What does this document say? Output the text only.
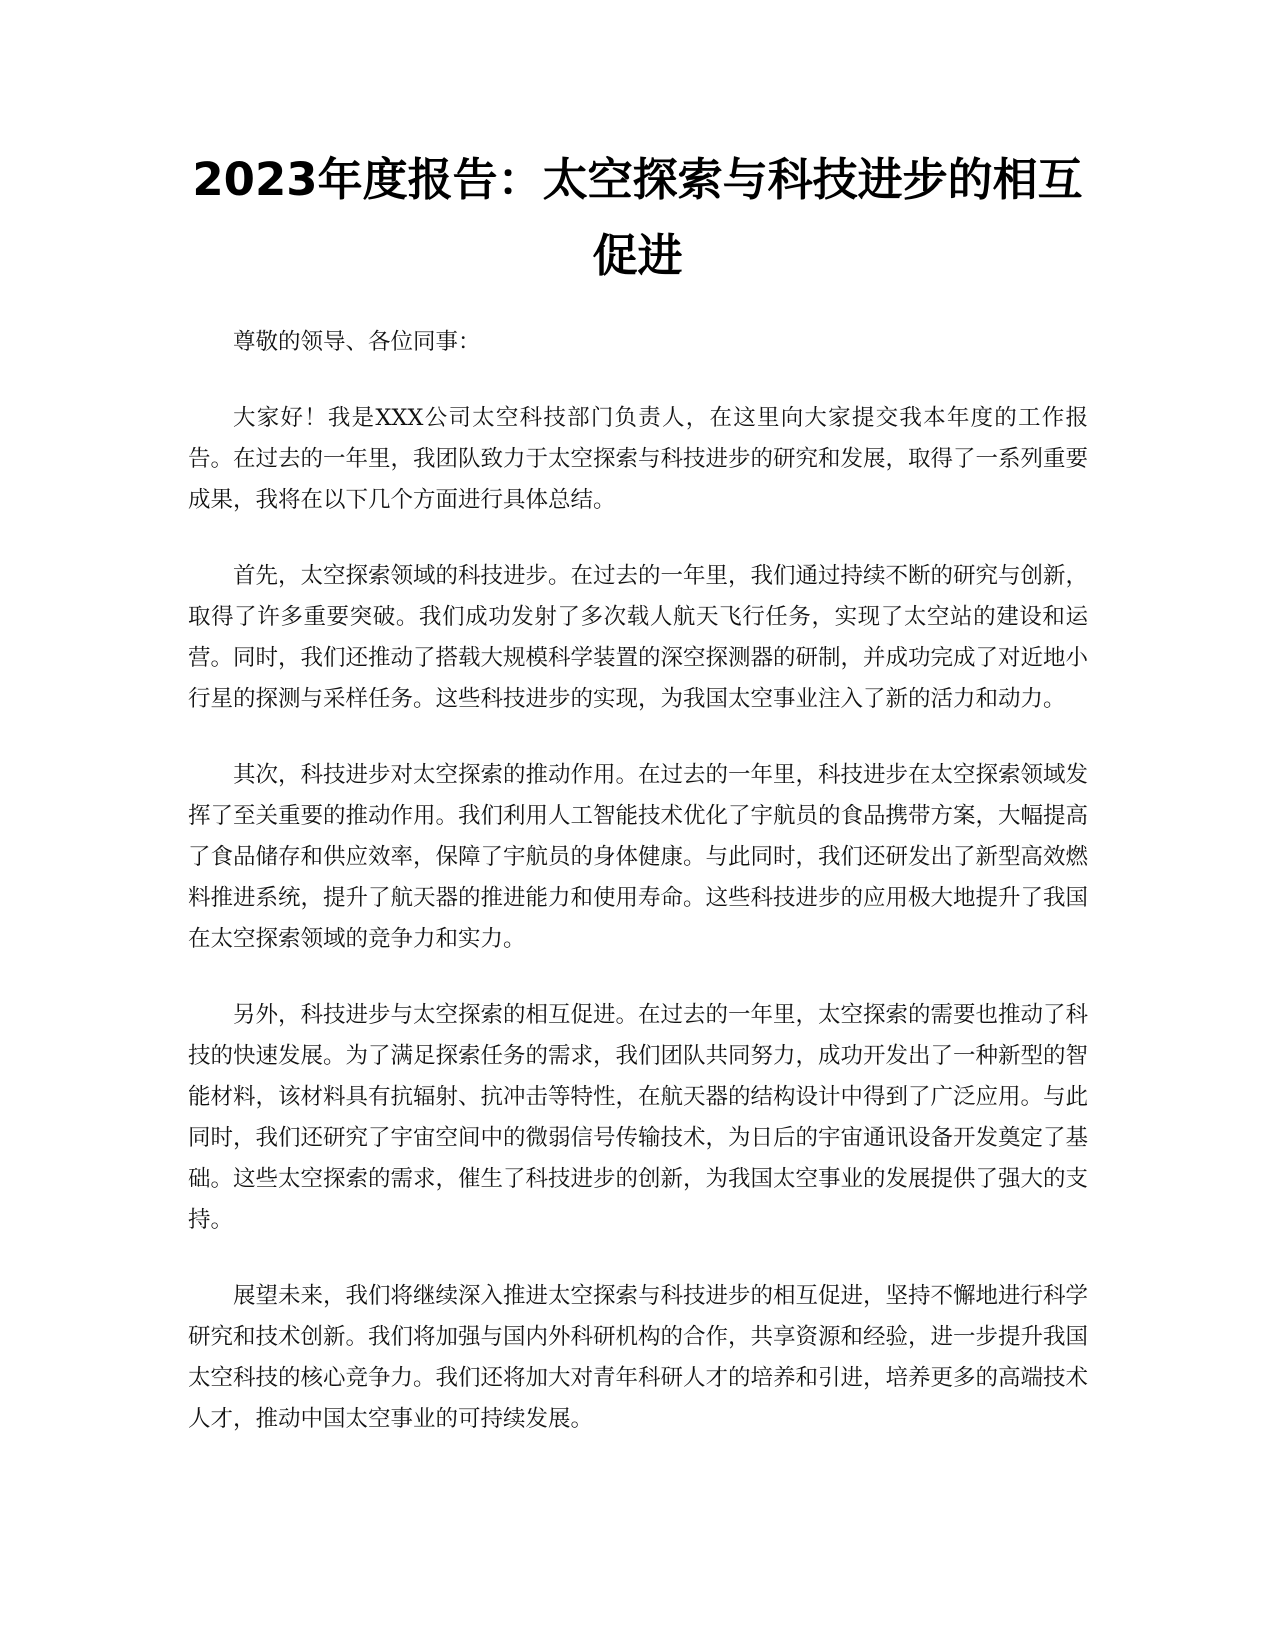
2023年度报告：太空探索与科技进步的相互促进

尊敬的领导、各位同事：

大家好！我是XXX公司太空科技部门负责人，在这里向大家提交我本年度的工作报告。在过去的一年里，我团队致力于太空探索与科技进步的研究和发展，取得了一系列重要成果，我将在以下几个方面进行具体总结。

首先，太空探索领域的科技进步。在过去的一年里，我们通过持续不断的研究与创新，取得了许多重要突破。我们成功发射了多次载人航天飞行任务，实现了太空站的建设和运营。同时，我们还推动了搭载大规模科学装置的深空探测器的研制，并成功完成了对近地小行星的探测与采样任务。这些科技进步的实现，为我国太空事业注入了新的活力和动力。

其次，科技进步对太空探索的推动作用。在过去的一年里，科技进步在太空探索领域发挥了至关重要的推动作用。我们利用人工智能技术优化了宇航员的食品携带方案，大幅提高了食品储存和供应效率，保障了宇航员的身体健康。与此同时，我们还研发出了新型高效燃料推进系统，提升了航天器的推进能力和使用寿命。这些科技进步的应用极大地提升了我国在太空探索领域的竞争力和实力。

另外，科技进步与太空探索的相互促进。在过去的一年里，太空探索的需要也推动了科技的快速发展。为了满足探索任务的需求，我们团队共同努力，成功开发出了一种新型的智能材料，该材料具有抗辐射、抗冲击等特性，在航天器的结构设计中得到了广泛应用。与此同时，我们还研究了宇宙空间中的微弱信号传输技术，为日后的宇宙通讯设备开发奠定了基础。这些太空探索的需求，催生了科技进步的创新，为我国太空事业的发展提供了强大的支持。

展望未来，我们将继续深入推进太空探索与科技进步的相互促进，坚持不懈地进行科学研究和技术创新。我们将加强与国内外科研机构的合作，共享资源和经验，进一步提升我国太空科技的核心竞争力。我们还将加大对青年科研人才的培养和引进，培养更多的高端技术人才，推动中国太空事业的可持续发展。
